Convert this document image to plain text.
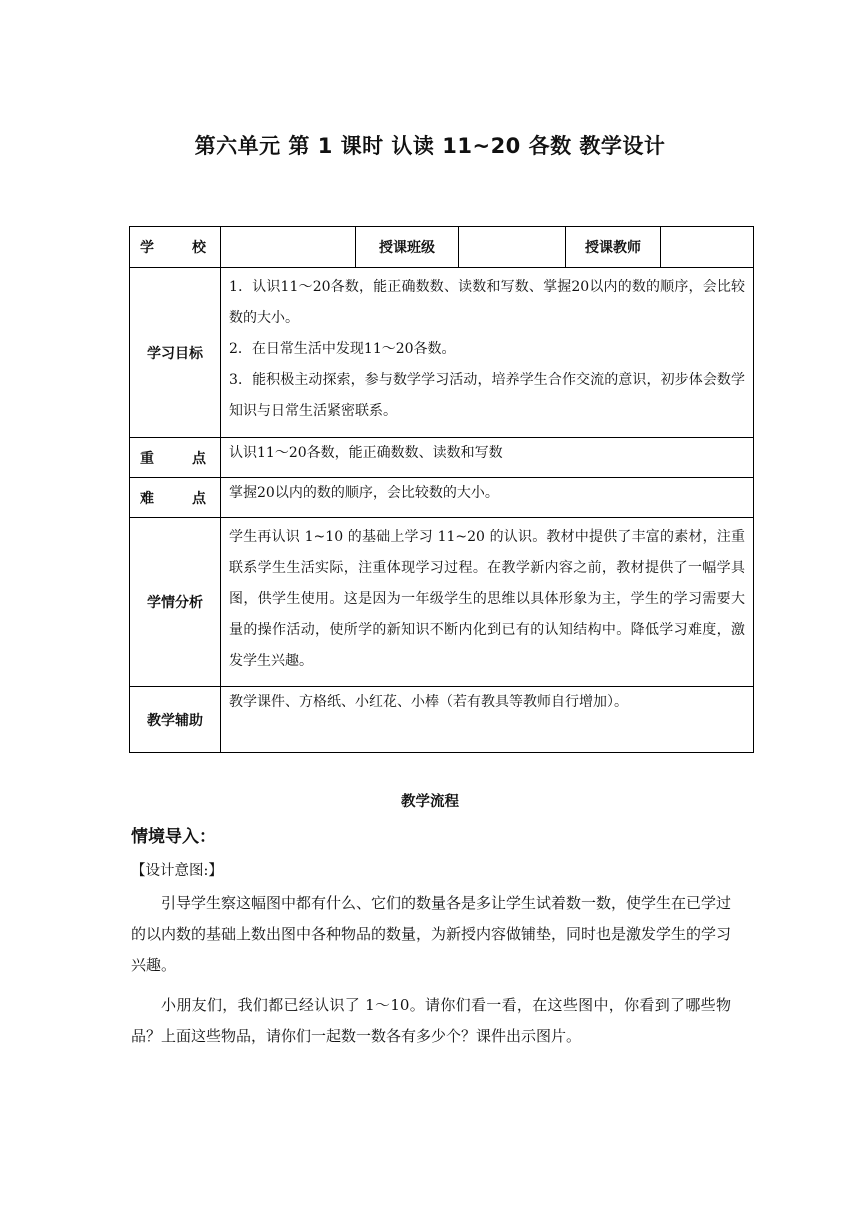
第六单元 第 1 课时 认读 11~20 各数 教学设计
学 校		授课班级		授课教师	
学习目标	1．认识11～20各数，能正确数数、读数和写数、掌握20以内的数的顺序，会比较数的大小。
2．在日常生活中发现11～20各数。
3．能积极主动探索，参与数学学习活动，培养学生合作交流的意识，初步体会数学知识与日常生活紧密联系。				

重 点	认识11～20各数，能正确数数、读数和写数				

难 点	掌握20以内的数的顺序，会比较数的大小。				

学情分析	学生再认识 1~10 的基础上学习 11~20 的认识。教材中提供了丰富的素材，注重联系学生生活实际，注重体现学习过程。在教学新内容之前，教材提供了一幅学具图，供学生使用。这是因为一年级学生的思维以具体形象为主，学生的学习需要大量的操作活动，使所学的新知识不断内化到已有的认知结构中。降低学习难度，激发学生兴趣。				

教学辅助	教学课件、方格纸、小红花、小棒（若有教具等教师自行增加）。				
教学流程
情境导入：
【设计意图:】
引导学生察这幅图中都有什么、它们的数量各是多让学生试着数一数，使学生在已学过的以内数的基础上数出图中各种物品的数量，为新授内容做铺垫，同时也是激发学生的学习兴趣。
小朋友们，我们都已经认识了 1～10。请你们看一看，在这些图中，你看到了哪些物品？上面这些物品，请你们一起数一数各有多少个？课件出示图片。
